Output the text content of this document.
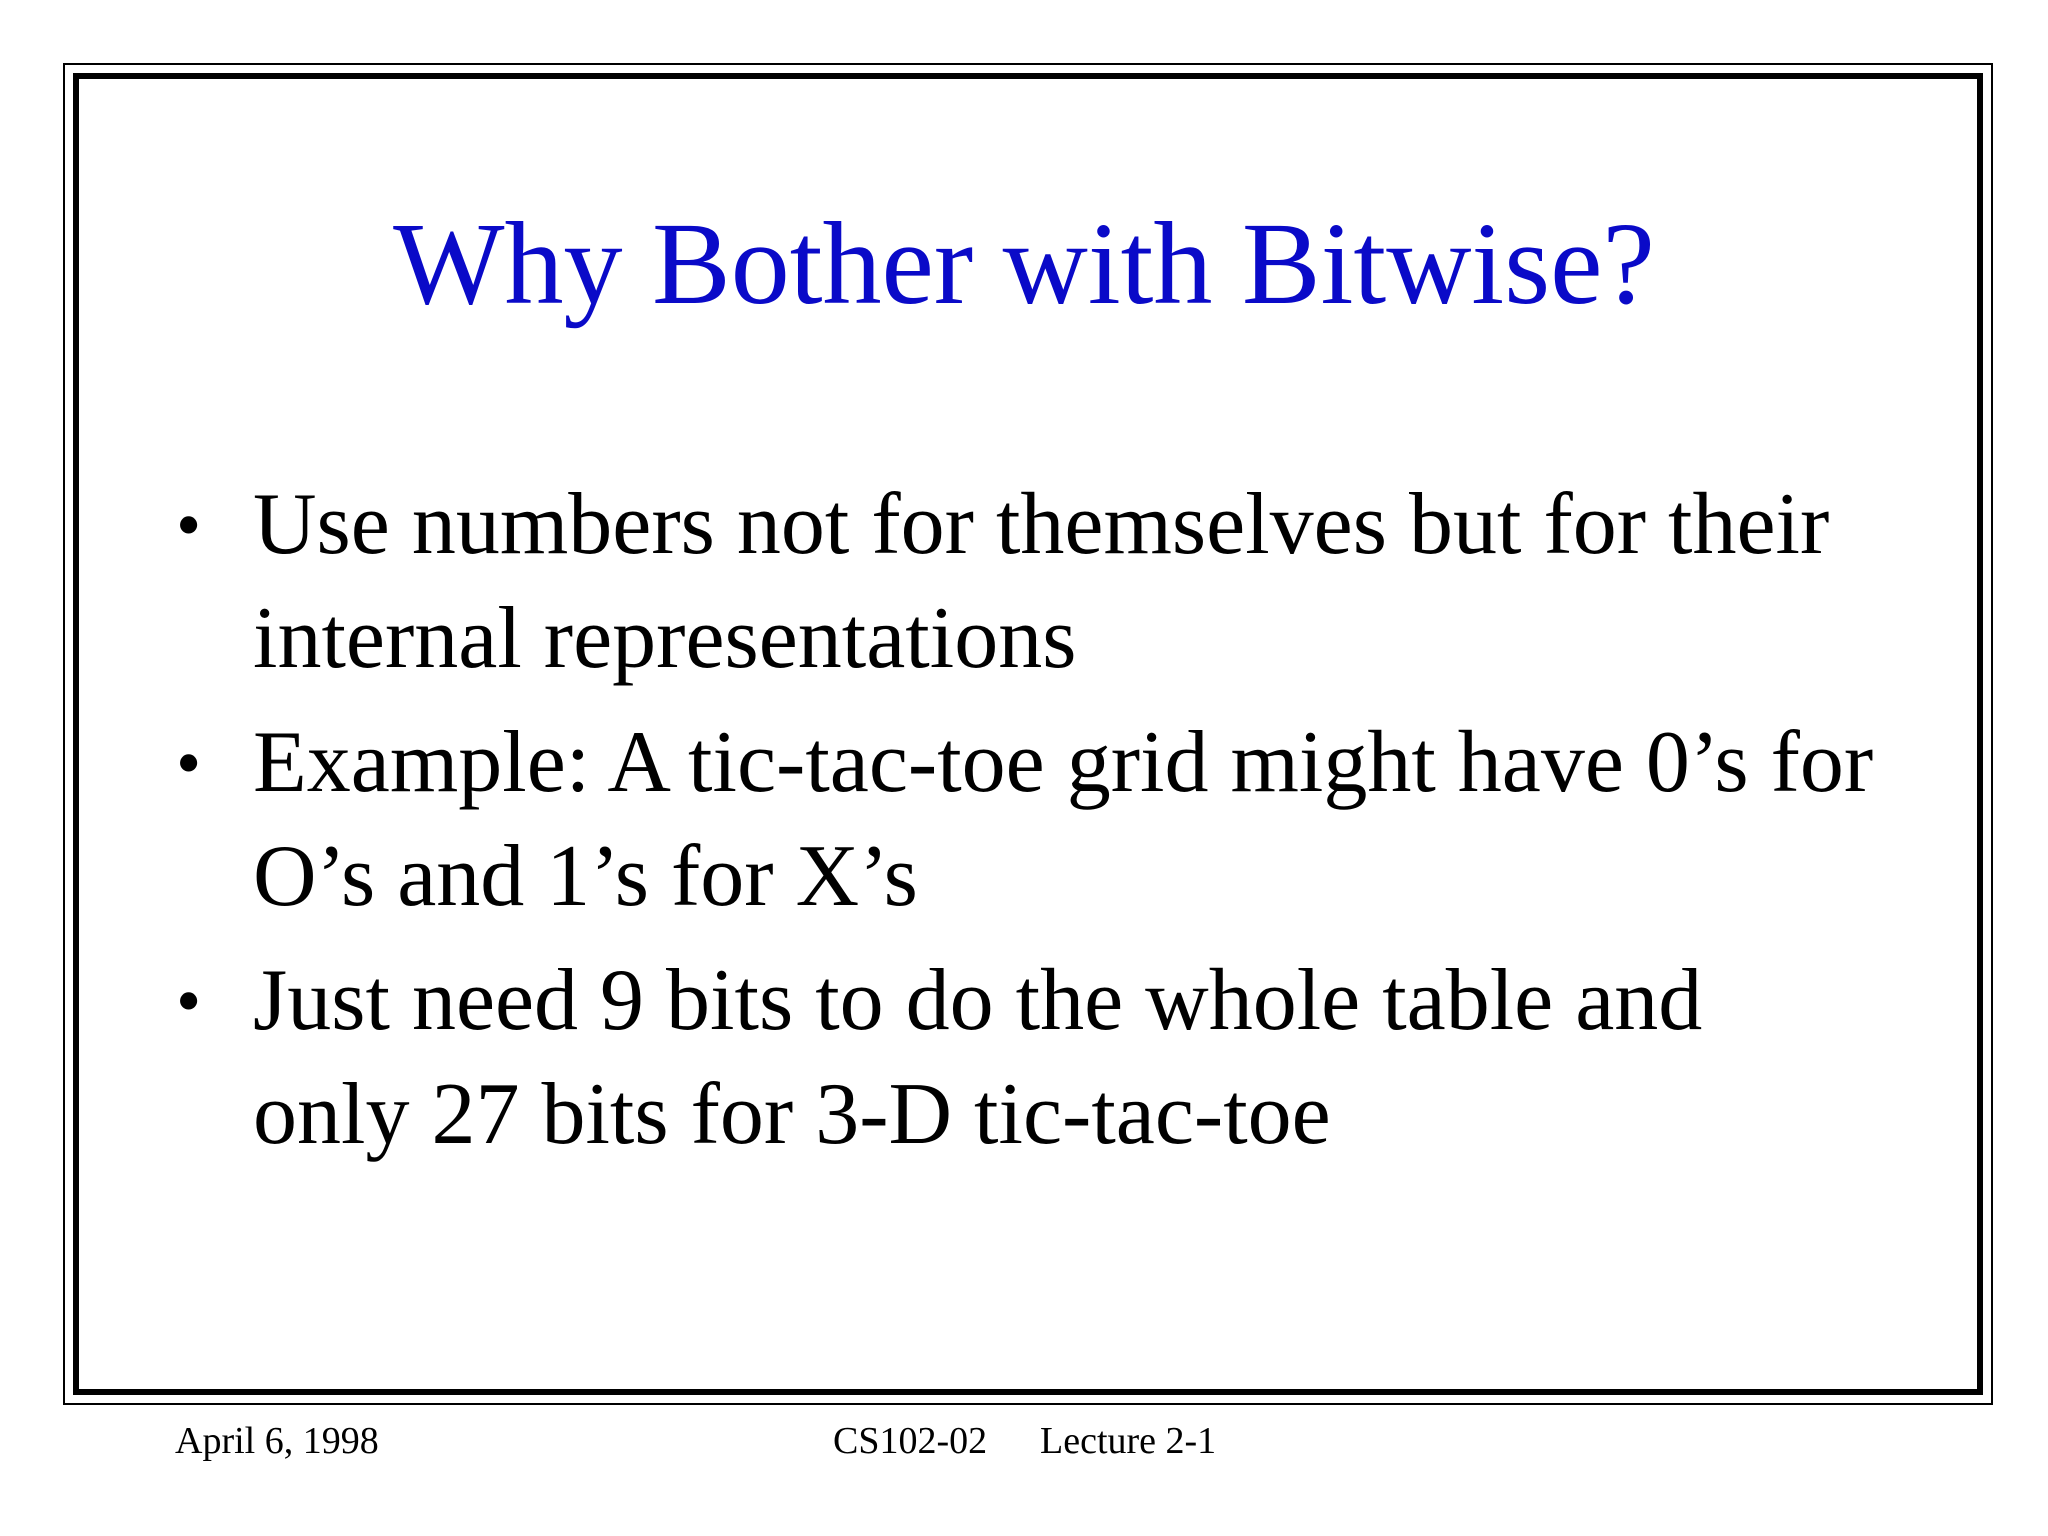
Why Bother with Bitwise?
• Use numbers not for themselves but for their internal representations
• Example: A tic-tac-toe grid might have 0’s for O’s and 1’s for X’s
• Just need 9 bits to do the whole table and only 27 bits for 3-D tic-tac-toe
April 6, 1998	CS102-02 Lecture 2-1
